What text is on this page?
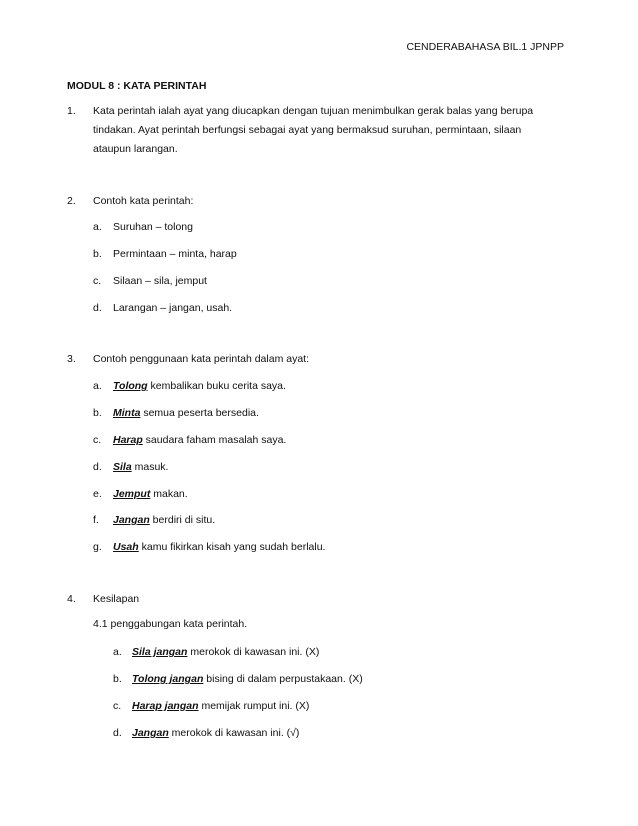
CENDERABAHASA BIL.1 JPNPP
MODUL 8 : KATA PERINTAH
1. Kata perintah ialah ayat yang diucapkan dengan tujuan menimbulkan gerak balas yang berupa
tindakan. Ayat perintah berfungsi sebagai ayat yang bermaksud suruhan, permintaan, silaan
ataupun larangan.
2. Contoh kata perintah:
a. Suruhan – tolong
b. Permintaan – minta, harap
c. Silaan – sila, jemput
d. Larangan – jangan, usah.
3. Contoh penggunaan kata perintah dalam ayat:
a. Tolong kembalikan buku cerita saya.
b. Minta semua peserta bersedia.
c. Harap saudara faham masalah saya.
d. Sila masuk.
e. Jemput makan.
f. Jangan berdiri di situ.
g. Usah kamu fikirkan kisah yang sudah berlalu.
4. Kesilapan
4.1 penggabungan kata perintah.
a. Sila jangan merokok di kawasan ini. (X)
b. Tolong jangan bising di dalam perpustakaan. (X)
c. Harap jangan memijak rumput ini. (X)
d. Jangan merokok di kawasan ini. (√)
